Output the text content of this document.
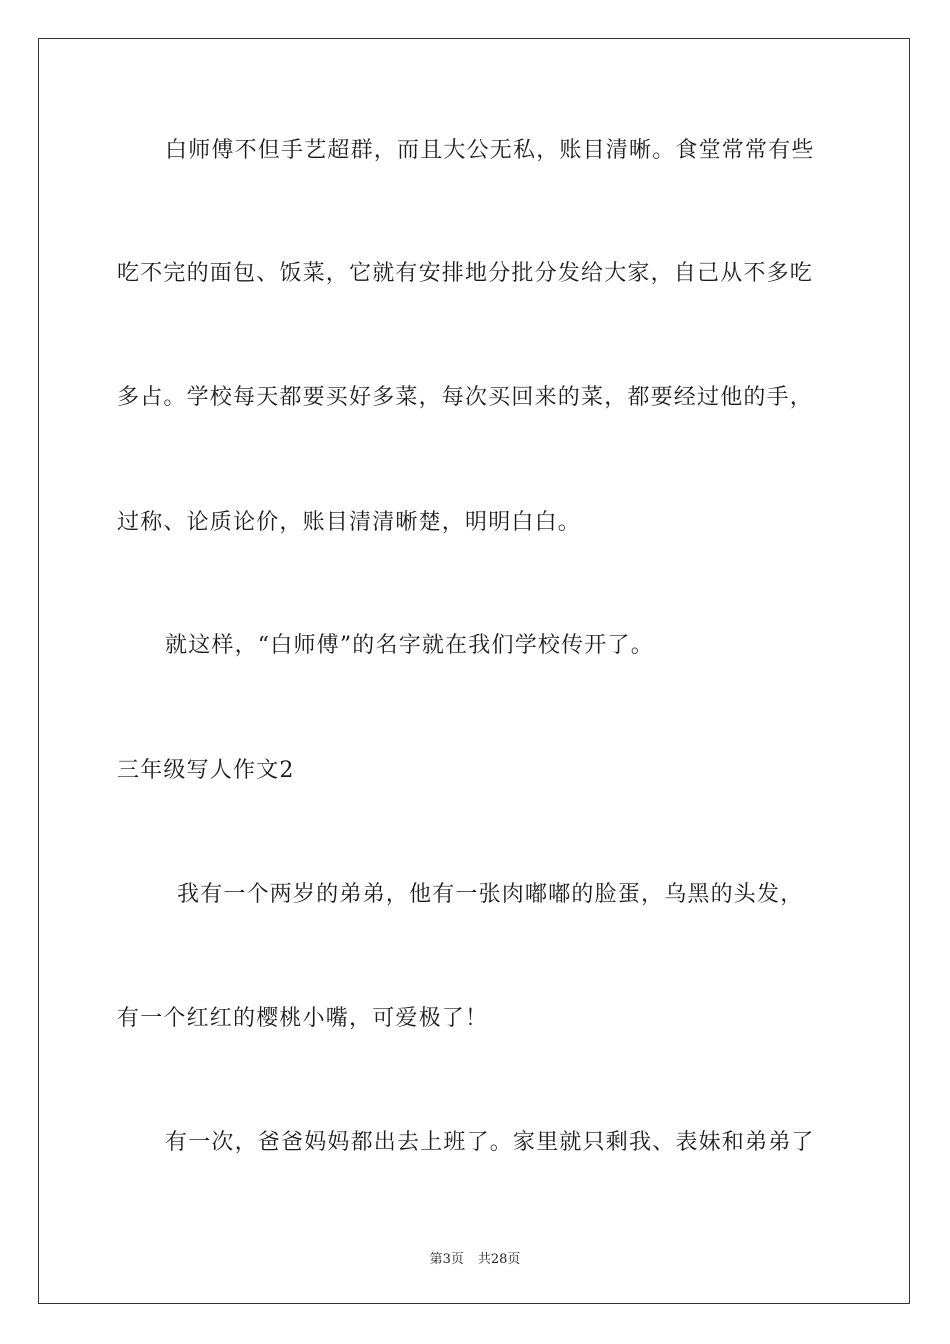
白师傅不但手艺超群，而且大公无私，账目清晰。食堂常常有些
吃不完的面包、饭菜，它就有安排地分批分发给大家，自己从不多吃
多占。学校每天都要买好多菜，每次买回来的菜，都要经过他的手，
过称、论质论价，账目清清晰楚，明明白白。
就这样，“白师傅”的名字就在我们学校传开了。
三年级写人作文2
我有一个两岁的弟弟，他有一张肉嘟嘟的脸蛋，乌黑的头发，
有一个红红的樱桃小嘴，可爱极了！
有一次，爸爸妈妈都出去上班了。家里就只剩我、表妹和弟弟了
第3页 共28页
